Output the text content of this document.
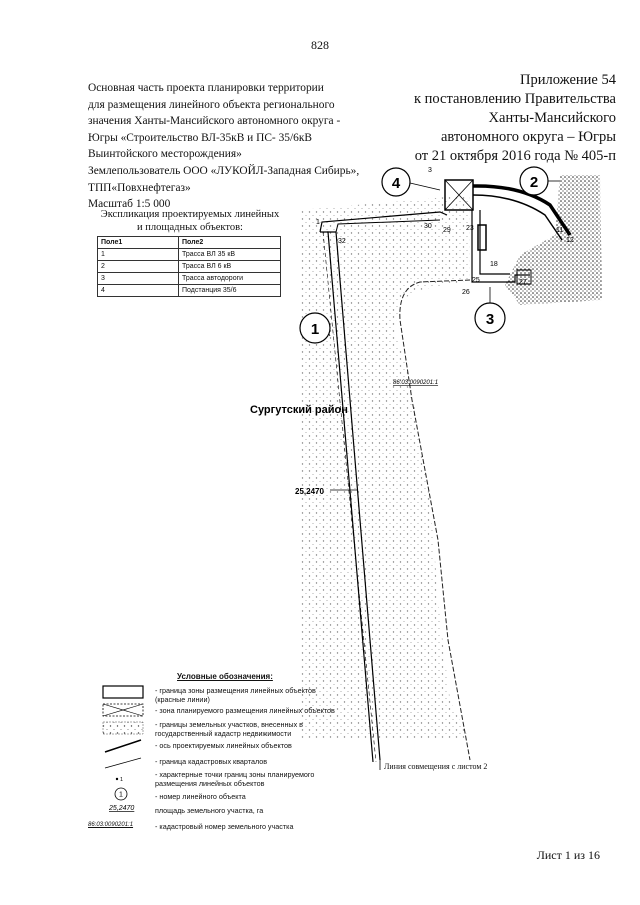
1
4	2
3
3
32
30
29 23
18
25
26
27
12
11
1
Сургутский район
25,2470
86:03:0090201:1
828
Основная часть проекта планировки территории
для размещения линейного объекта регионального
значения Ханты-Мансийского автономного округа -
Югры «Строительство ВЛ-35кВ и ПС- 35/6кВ
Выинтойского месторождения»
Землепользователь ООО «ЛУКОЙЛ-Западная Сибирь»,
ТПП«Повхнефтегаз»
Масштаб 1:5 000
Приложение 54
к постановлению Правительства
Ханты-Мансийского
автономного округа – Югры
от 21 октября 2016 года № 405-п
Экспликация проектируемых линейных
и площадных объектов:
Поле1	Поле2
1	Трасса ВЛ 35 кВ
2	Трасса ВЛ 6 кВ
3	Трасса автодороги
4	Подстанция 35/6
Условные обозначения:
1
1
25,2470
- граница зоны размещения линейных объектов (красные линии)
- зона планируемого размещения линейных объектов
- границы земельных участков, внесенных в государственный кадастр недвижимости
- ось проектируемых линейных объектов
- граница кадастровых кварталов
- характерные точки границ зоны планируемого размещения линейных объектов
- номер линейного объекта
площадь земельного участка, га
- кадастровый номер земельного участка
86:03:0090201:1
Линия совмещения с листом 2
Лист 1 из 16
